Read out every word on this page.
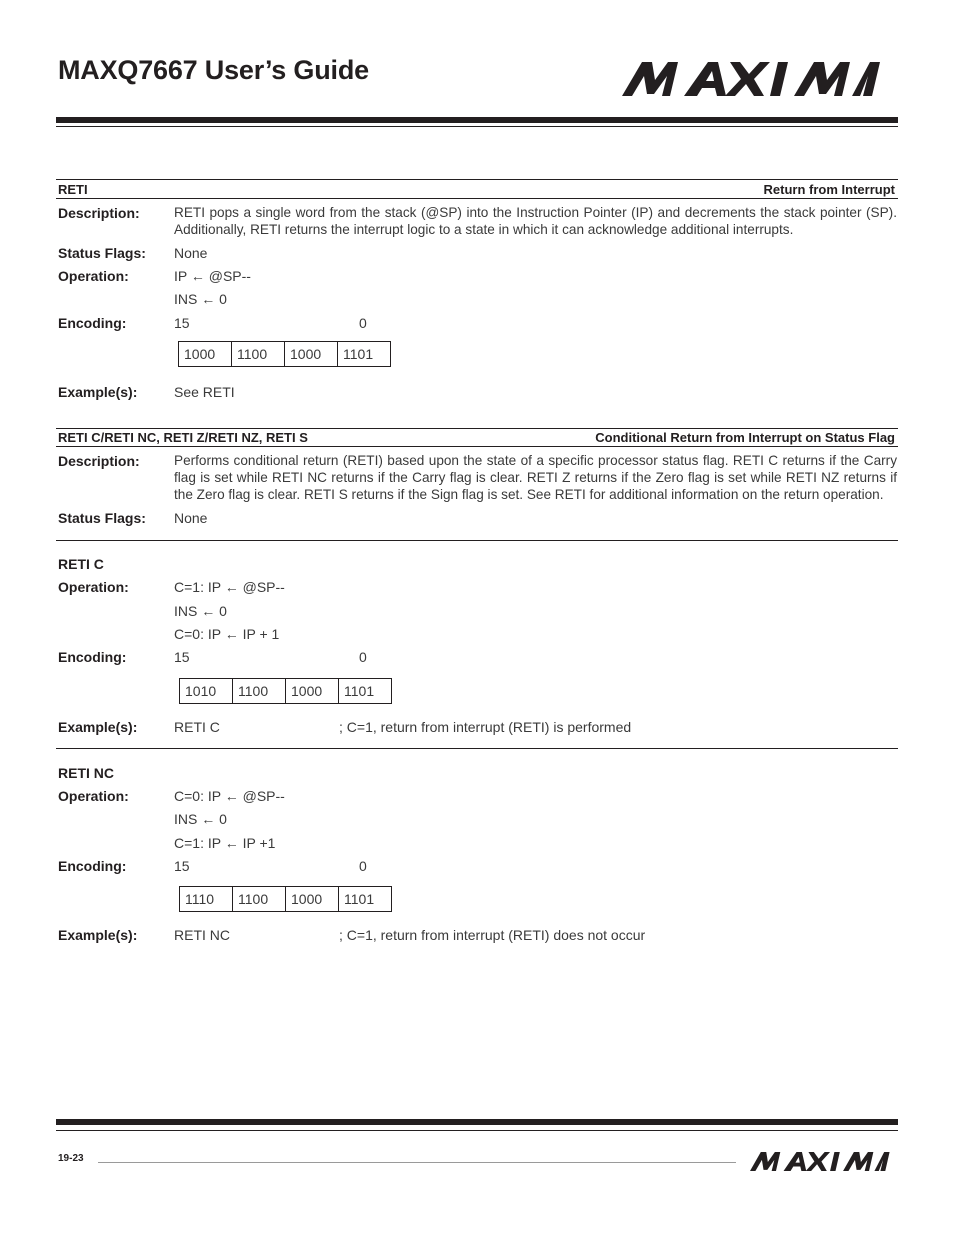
MAXQ7667 User’s Guide
RETI	Return from Interrupt
Description:	RETI pops a single word from the stack (@SP) into the Instruction Pointer (IP) and decrements the stack pointer (SP). Additionally, RETI returns the interrupt logic to a state in which it can acknowledge additional interrupts.
Status Flags: None
Operation:	IP ← @SP--
INS ← 0
Encoding:	15	0
1000	1100	1000	1101
Example(s):	See RETI
RETI C/RETI NC, RETI Z/RETI NZ, RETI S	Conditional Return from Interrupt on Status Flag
Description:	Performs conditional return (RETI) based upon the state of a specific processor status flag. RETI C returns if the Carry flag is set while RETI NC returns if the Carry flag is clear. RETI Z returns if the Zero flag is set while RETI NZ returns if the Zero flag is clear. RETI S returns if the Sign flag is set. See RETI for additional information on the return operation.
Status Flags: None
RETI C
Operation:	C=1: IP ← @SP--
INS ← 0
C=0: IP ← IP + 1
Encoding:	15	0
1010	1100	1000	1101
Example(s):	RETI C	; C=1, return from interrupt (RETI) is performed
RETI NC
Operation:	C=0: IP ← @SP--
INS ← 0
C=1: IP ← IP +1
Encoding:	15	0
1110	1100	1000	1101
Example(s):	RETI NC	; C=1, return from interrupt (RETI) does not occur
19-23
